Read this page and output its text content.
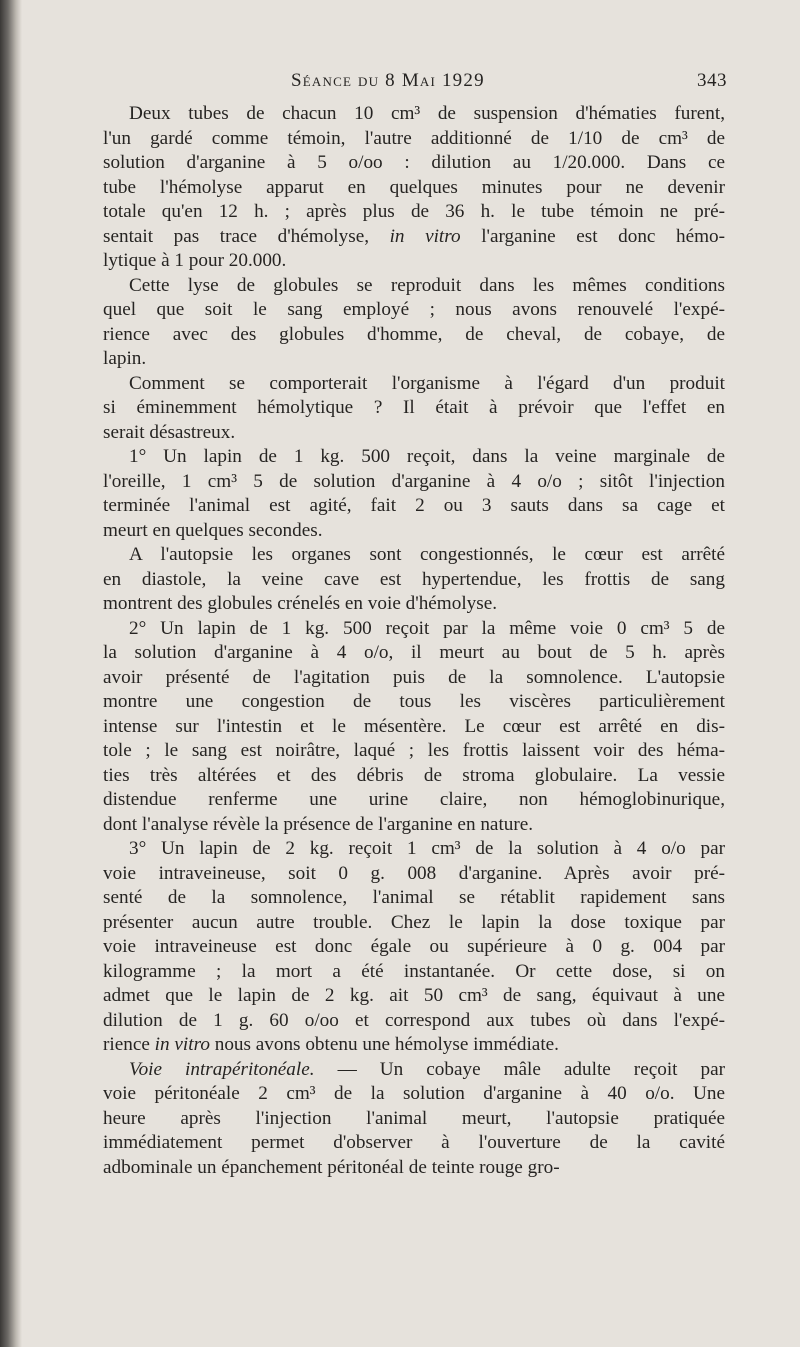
Séance du 8 Mai 1929	343

Deux tubes de chacun 10 cm³ de suspension d'hématies furent,
l'un gardé comme témoin, l'autre additionné de 1/10 de cm³ de
solution d'arganine à 5 o/oo : dilution au 1/20.000. Dans ce
tube l'hémolyse apparut en quelques minutes pour ne devenir
totale qu'en 12 h. ; après plus de 36 h. le tube témoin ne pré-
sentait pas trace d'hémolyse, in vitro l'arganine est donc hémo-
lytique à 1 pour 20.000.

Cette lyse de globules se reproduit dans les mêmes conditions
quel que soit le sang employé ; nous avons renouvelé l'expé-
rience avec des globules d'homme, de cheval, de cobaye, de
lapin.

Comment se comporterait l'organisme à l'égard d'un produit
si éminemment hémolytique ? Il était à prévoir que l'effet en
serait désastreux.

1° Un lapin de 1 kg. 500 reçoit, dans la veine marginale de
l'oreille, 1 cm³ 5 de solution d'arganine à 4 o/o ; sitôt l'injection
terminée l'animal est agité, fait 2 ou 3 sauts dans sa cage et
meurt en quelques secondes.

A l'autopsie les organes sont congestionnés, le cœur est arrêté
en diastole, la veine cave est hypertendue, les frottis de sang
montrent des globules crénelés en voie d'hémolyse.

2° Un lapin de 1 kg. 500 reçoit par la même voie 0 cm³ 5 de
la solution d'arganine à 4 o/o, il meurt au bout de 5 h. après
avoir présenté de l'agitation puis de la somnolence. L'autopsie
montre une congestion de tous les viscères particulièrement
intense sur l'intestin et le mésentère. Le cœur est arrêté en dis-
tole ; le sang est noirâtre, laqué ; les frottis laissent voir des héma-
ties très altérées et des débris de stroma globulaire. La vessie
distendue renferme une urine claire, non hémoglobinurique,
dont l'analyse révèle la présence de l'arganine en nature.

3° Un lapin de 2 kg. reçoit 1 cm³ de la solution à 4 o/o par
voie intraveineuse, soit 0 g. 008 d'arganine. Après avoir pré-
senté de la somnolence, l'animal se rétablit rapidement sans
présenter aucun autre trouble. Chez le lapin la dose toxique par
voie intraveineuse est donc égale ou supérieure à 0 g. 004 par
kilogramme ; la mort a été instantanée. Or cette dose, si on
admet que le lapin de 2 kg. ait 50 cm³ de sang, équivaut à une
dilution de 1 g. 60 o/oo et correspond aux tubes où dans l'expé-
rience in vitro nous avons obtenu une hémolyse immédiate.

Voie intrapéritonéale. — Un cobaye mâle adulte reçoit par
voie péritonéale 2 cm³ de la solution d'arganine à 40 o/o. Une
heure après l'injection l'animal meurt, l'autopsie pratiquée
immédiatement permet d'observer à l'ouverture de la cavité
adbominale un épanchement péritonéal de teinte rouge gro-
